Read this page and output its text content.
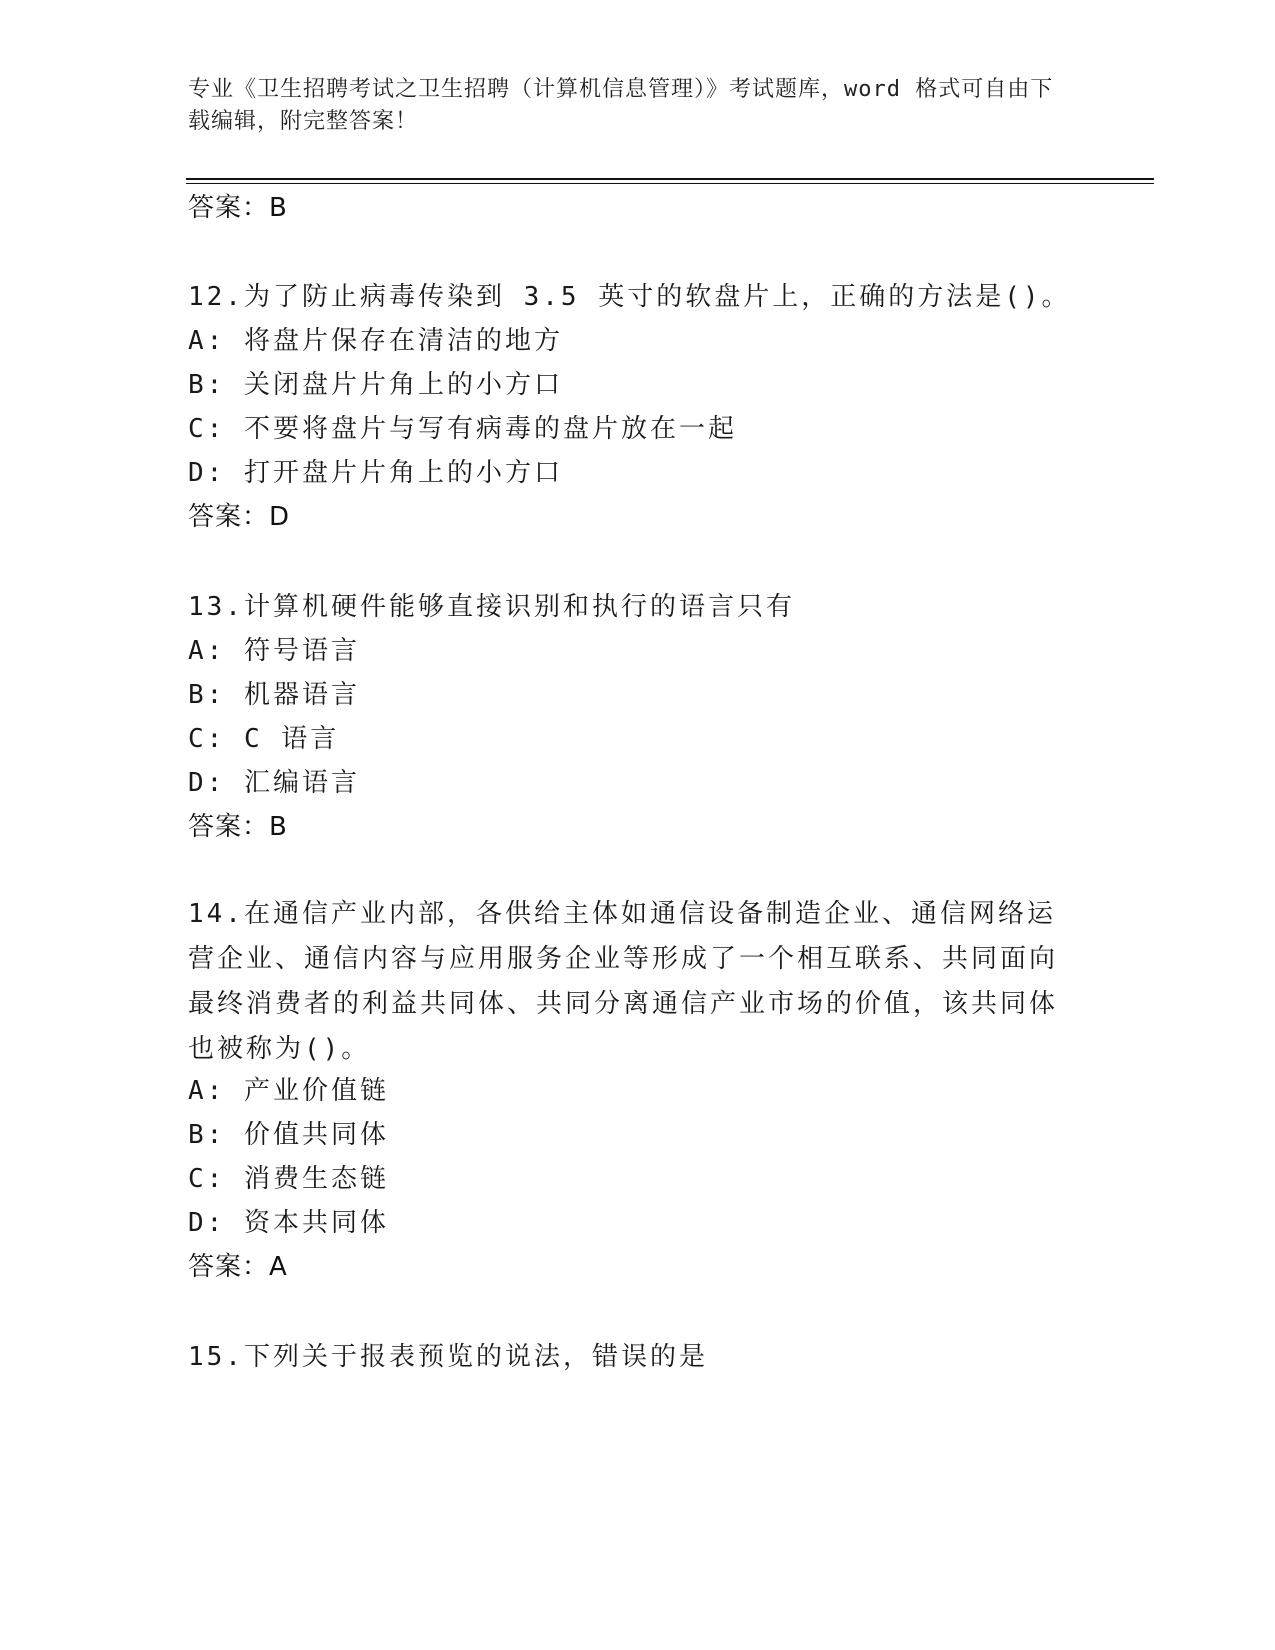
专业《卫生招聘考试之卫生招聘（计算机信息管理）》考试题库，word 格式可自由下载编辑，附完整答案！
答案：B
12.为了防止病毒传染到 3.5 英寸的软盘片上，正确的方法是()。
A: 将盘片保存在清洁的地方
B: 关闭盘片片角上的小方口
C: 不要将盘片与写有病毒的盘片放在一起
D: 打开盘片片角上的小方口
答案：D
13.计算机硬件能够直接识别和执行的语言只有
A: 符号语言
B: 机器语言
C: C 语言
D: 汇编语言
答案：B
14.在通信产业内部，各供给主体如通信设备制造企业、通信网络运营企业、通信内容与应用服务企业等形成了一个相互联系、共同面向最终消费者的利益共同体、共同分离通信产业市场的价值，该共同体也被称为()。
A: 产业价值链
B: 价值共同体
C: 消费生态链
D: 资本共同体
答案：A
15.下列关于报表预览的说法，错误的是
